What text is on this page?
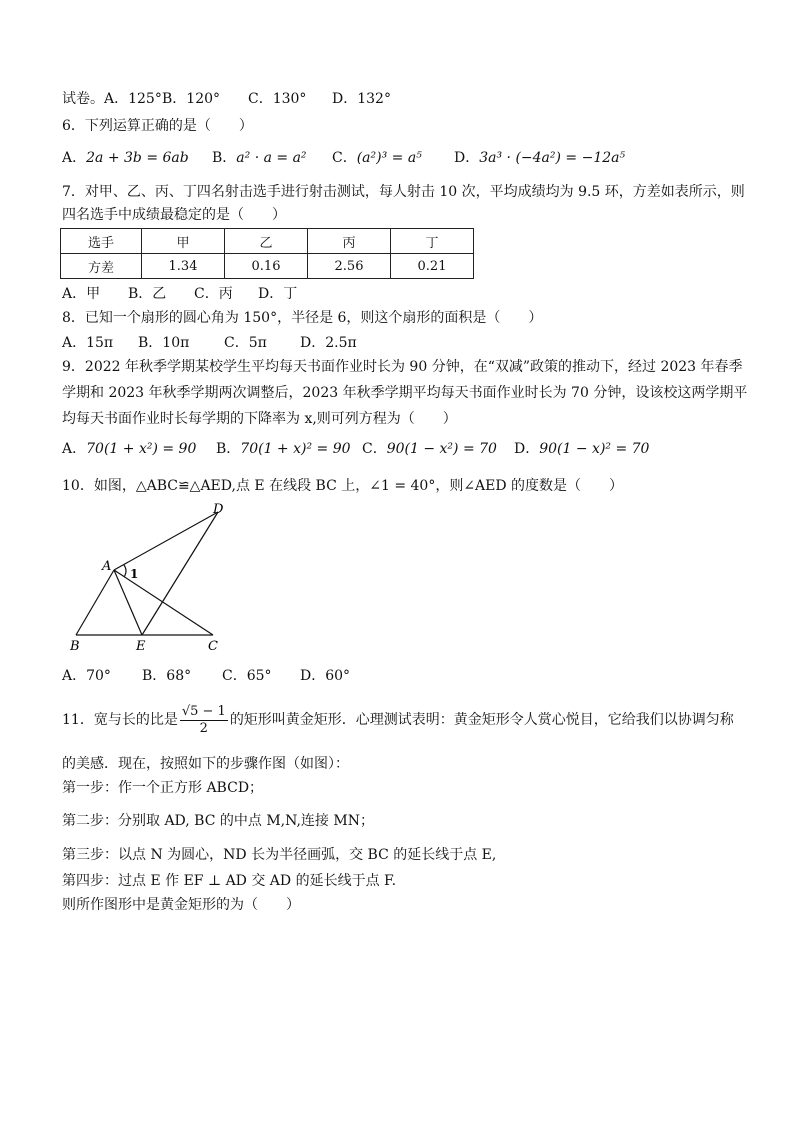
试卷。A．125°B．120° C．130° D．132°
6．下列运算正确的是（　　）
A．2a + 3b = 6ab B．a² · a = a² C．(a²)³ = a⁵ D．3a³ · (−4a²) = −12a⁵
7．对甲、乙、丙、丁四名射击选手进行射击测试，每人射击 10 次，平均成绩均为 9.5 环，方差如表所示，则
四名选手中成绩最稳定的是（　　）
选手	甲	乙	丙	丁
方差	1.34	0.16	2.56	0.21
A．甲 B．乙 C．丙 D．丁
8．已知一个扇形的圆心角为 150°，半径是 6，则这个扇形的面积是（　　）
A．15π B．10π C．5π D．2.5π
9．2022 年秋季学期某校学生平均每天书面作业时长为 90 分钟，在“双减”政策的推动下，经过 2023 年春季
学期和 2023 年秋季学期两次调整后，2023 年秋季学期平均每天书面作业时长为 70 分钟，设该校这两学期平
均每天书面作业时长每学期的下降率为 x,则可列方程为（　　）
A．70(1 + x²) = 90 B．70(1 + x)² = 90 C．90(1 − x²) = 70 D．90(1 − x)² = 70
10．如图，△ABC≌△AED,点 E 在线段 BC 上，∠1 = 40°，则∠AED 的度数是（　　）
A
B	C
D
E
1
A．70° B．68° C．65° D．60°
11．宽与长的比是 $\frac{√5 - 1}{2}$ 的矩形叫黄金矩形．心理测试表明：黄金矩形令人赏心悦目，它给我们以协调匀称
的美感．现在，按照如下的步骤作图（如图）：
第一步：作一个正方形 ABCD；
第二步：分别取 AD, BC 的中点 M,N,连接 MN；
第三步：以点 N 为圆心，ND 长为半径画弧，交 BC 的延长线于点 E,
第四步：过点 E 作 EF ⊥ AD 交 AD 的延长线于点 F.
则所作图形中是黄金矩形的为（　　）
